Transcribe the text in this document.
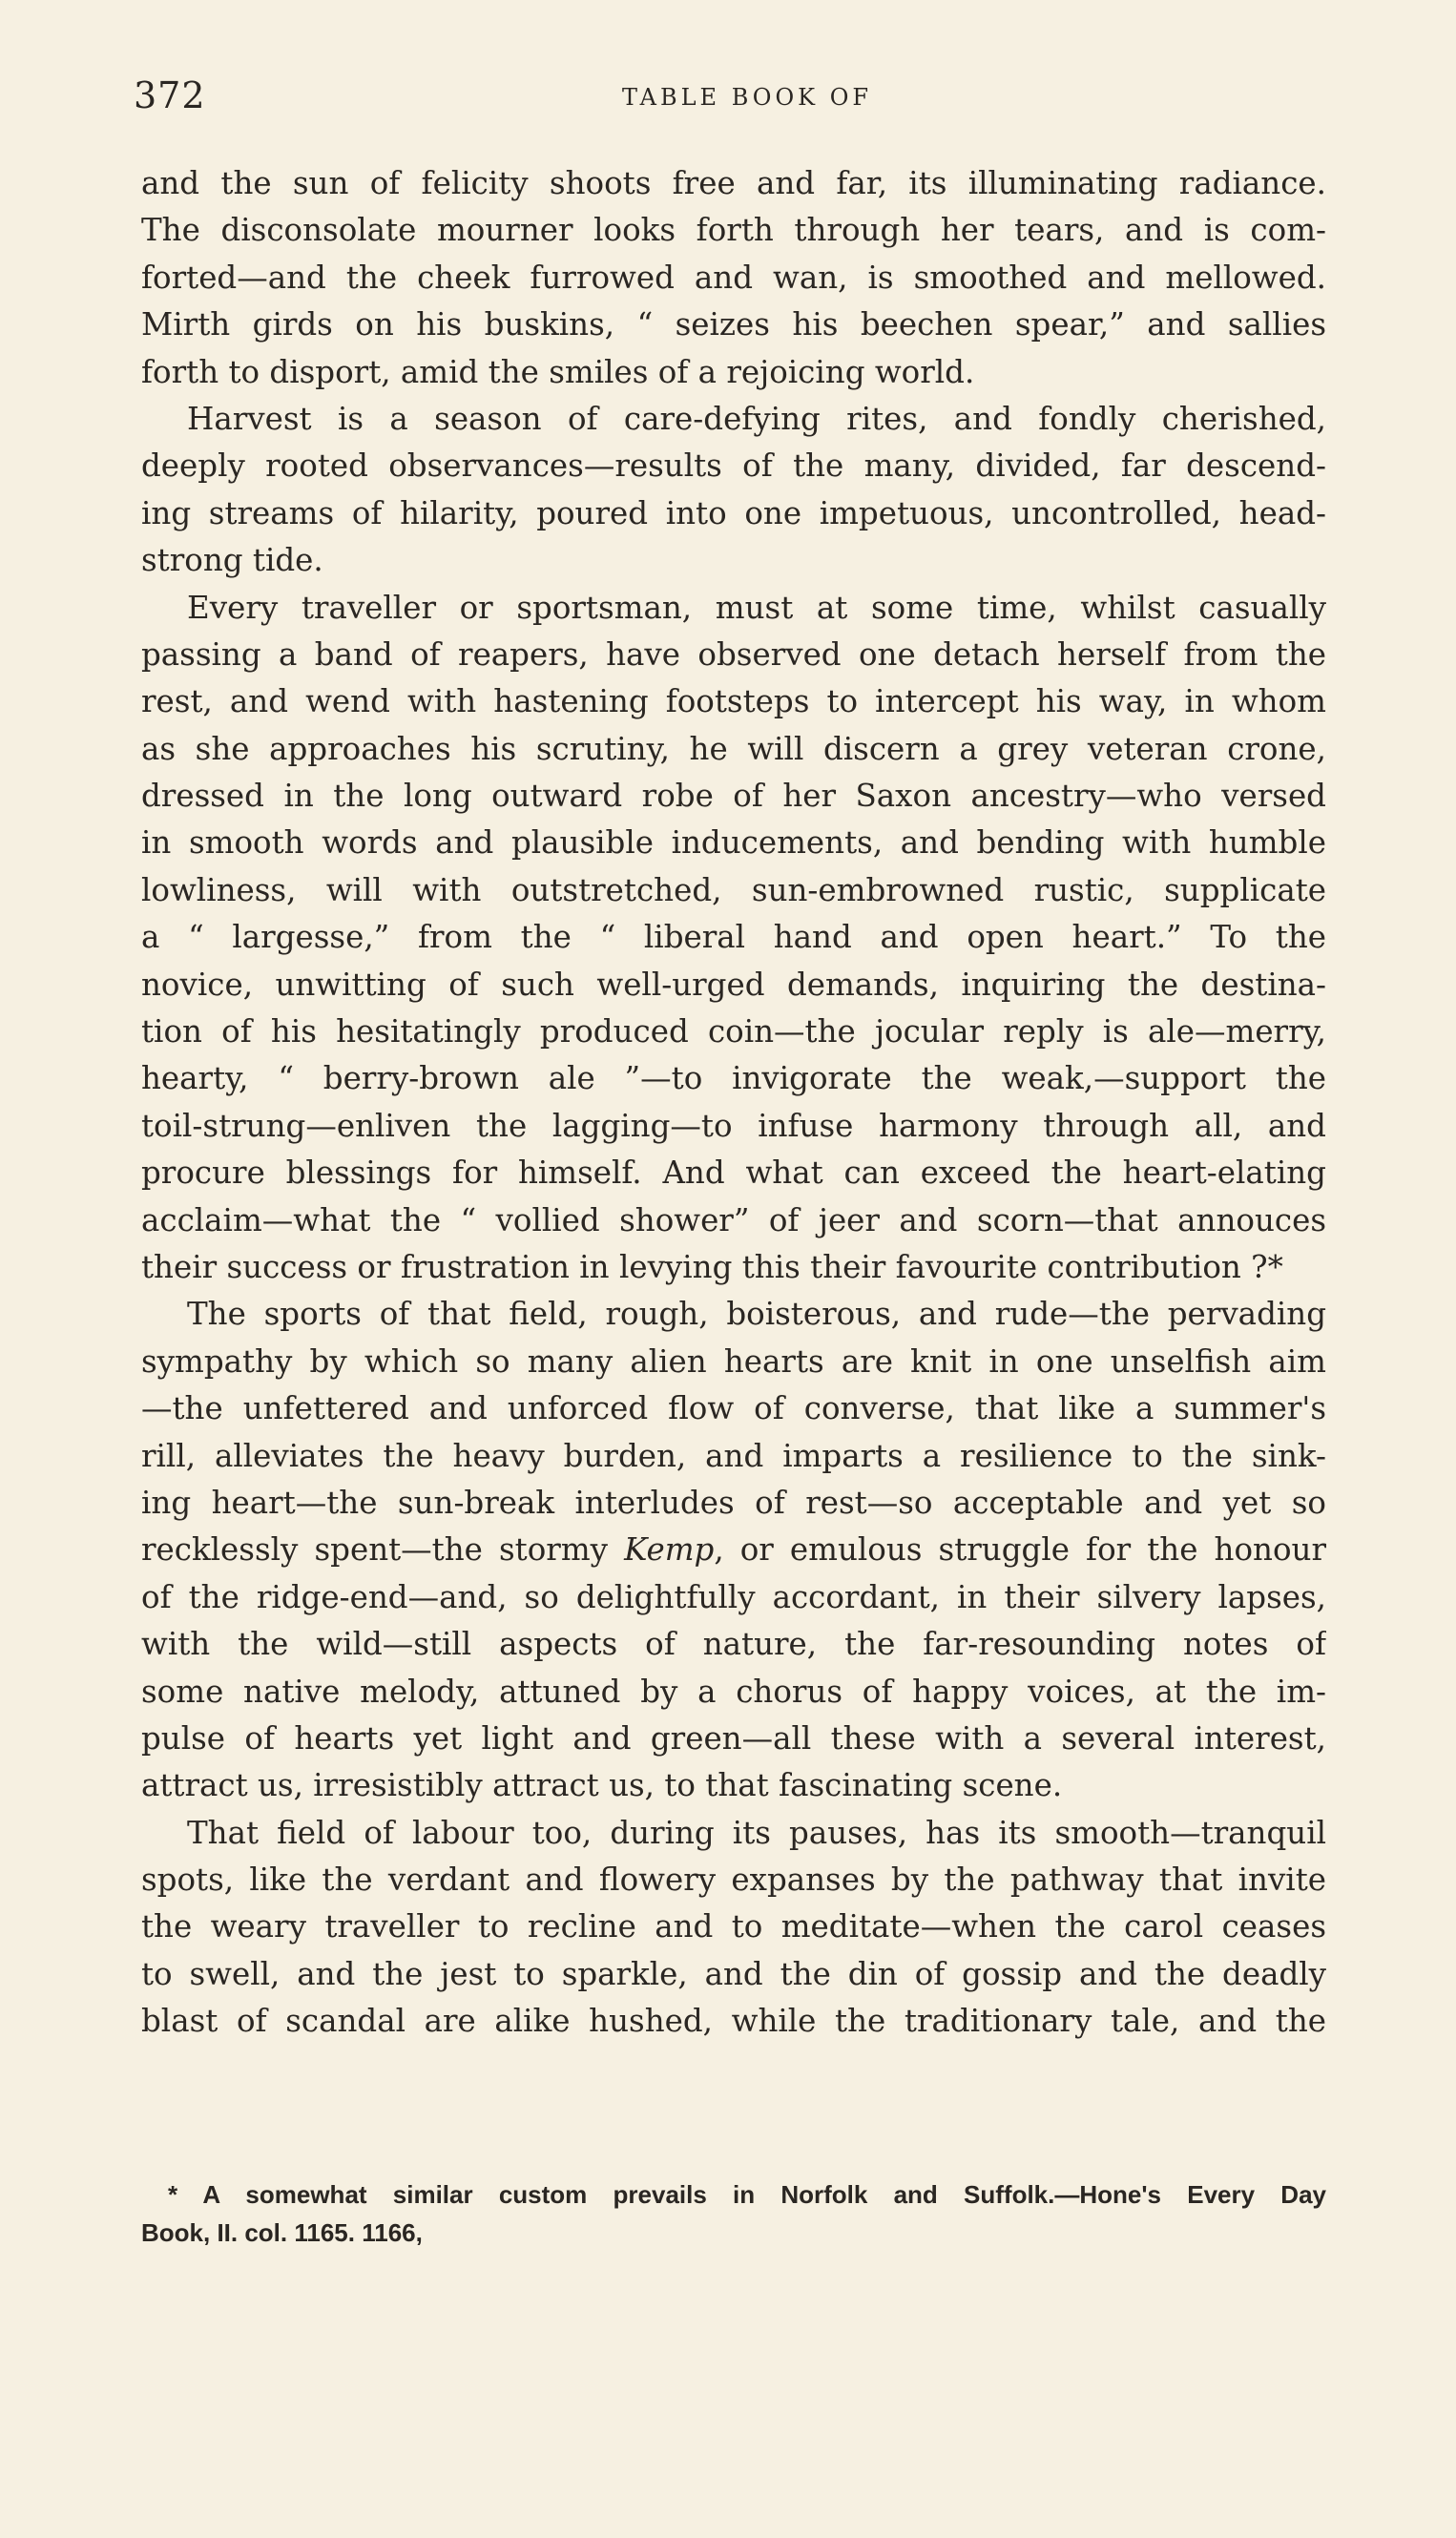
372	TABLE BOOK OF
and the sun of felicity shoots free and far, its illuminating radiance.
The disconsolate mourner looks forth through her tears, and is com-
forted—and the cheek furrowed and wan, is smoothed and mellowed.
Mirth girds on his buskins, “ seizes his beechen spear,” and sallies
forth to disport, amid the smiles of a rejoicing world.
Harvest is a season of care-defying rites, and fondly cherished,
deeply rooted observances—results of the many, divided, far descend-
ing streams of hilarity, poured into one impetuous, uncontrolled, head-
strong tide.
Every traveller or sportsman, must at some time, whilst casually
passing a band of reapers, have observed one detach herself from the
rest, and wend with hastening footsteps to intercept his way, in whom
as she approaches his scrutiny, he will discern a grey veteran crone,
dressed in the long outward robe of her Saxon ancestry—who versed
in smooth words and plausible inducements, and bending with humble
lowliness, will with outstretched, sun-embrowned rustic, supplicate
a “ largesse,” from the “ liberal hand and open heart.” To the
novice, unwitting of such well-urged demands, inquiring the destina-
tion of his hesitatingly produced coin—the jocular reply is ale—merry,
hearty, “ berry-brown ale ”—to invigorate the weak,—support the
toil-strung—enliven the lagging—to infuse harmony through all, and
procure blessings for himself. And what can exceed the heart-elating
acclaim—what the “ vollied shower” of jeer and scorn—that annouces
their success or frustration in levying this their favourite contribution ?*
The sports of that field, rough, boisterous, and rude—the pervading
sympathy by which so many alien hearts are knit in one unselfish aim
—the unfettered and unforced flow of converse, that like a summer's
rill, alleviates the heavy burden, and imparts a resilience to the sink-
ing heart—the sun-break interludes of rest—so acceptable and yet so
recklessly spent—the stormy Kemp, or emulous struggle for the honour
of the ridge-end—and, so delightfully accordant, in their silvery lapses,
with the wild—still aspects of nature, the far-resounding notes of
some native melody, attuned by a chorus of happy voices, at the im-
pulse of hearts yet light and green—all these with a several interest,
attract us, irresistibly attract us, to that fascinating scene.
That field of labour too, during its pauses, has its smooth—tranquil
spots, like the verdant and flowery expanses by the pathway that invite
the weary traveller to recline and to meditate—when the carol ceases
to swell, and the jest to sparkle, and the din of gossip and the deadly
blast of scandal are alike hushed, while the traditionary tale, and the
* A somewhat similar custom prevails in Norfolk and Suffolk.—Hone's Every Day
Book, II. col. 1165. 1166,
